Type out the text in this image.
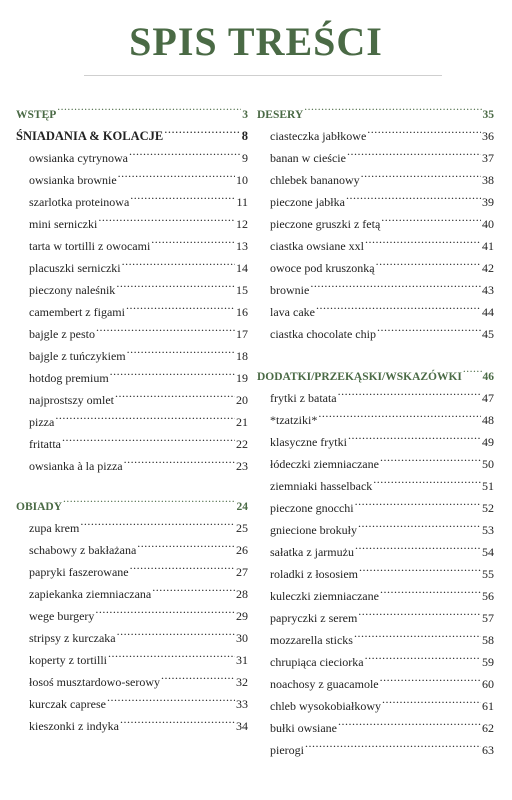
SPIS TREŚCI
WSTĘP .....	3
ŚNIADANIA & KOLACJE .....	8
owsianka cytrynowa .....	9
owsianka brownie .....	10
szarlotka proteinowa .....	11
mini serniczki .....	12
tarta w tortilli z owocami .....	13
placuszki serniczki .....	14
pieczony naleśnik .....	15
camembert z figami .....	16
bajgle z pesto .....	17
bajgle z tuńczykiem .....	18
hotdog premium .....	19
najprostszy omlet .....	20
pizza .....	21
fritatta .....	22
owsianka à la pizza .....	23
OBIADY .....	24
zupa krem .....	25
schabowy z bakłażana .....	26
papryki faszerowane .....	27
zapiekanka ziemniaczana .....	28
wege burgery .....	29
stripsy z kurczaka .....	30
koperty z tortilli .....	31
łosoś musztardowo-serowy .....	32
kurczak caprese .....	33
kieszonki z indyka .....	34
DESERY .....	35
ciasteczka jabłkowe .....	36
banan w cieście .....	37
chlebek bananowy .....	38
pieczone jabłka .....	39
pieczone gruszki z fetą .....	40
ciastka owsiane xxl .....	41
owoce pod kruszonką .....	42
brownie .....	43
lava cake .....	44
ciastka chocolate chip .....	45
DODATKI/PRZEKĄSKI/WSKAZÓWKI ..... 46
frytki z batata .....	47
*tzatziki* .....	48
klasyczne frytki .....	49
łódeczki ziemniaczane .....	50
ziemniaki hasselback .....	51
pieczone gnocchi .....	52
gniecione brokuły .....	53
sałatka z jarmużu .....	54
roladki z łososiem .....	55
kuleczki ziemniaczane .....	56
papryczki z serem .....	57
mozzarella sticks .....	58
chrupiąca cieciorka .....	59
noachosy z guacamole .....	60
chleb wysokobiałkowy .....	61
bułki owsiane .....	62
pierogi .....	63
